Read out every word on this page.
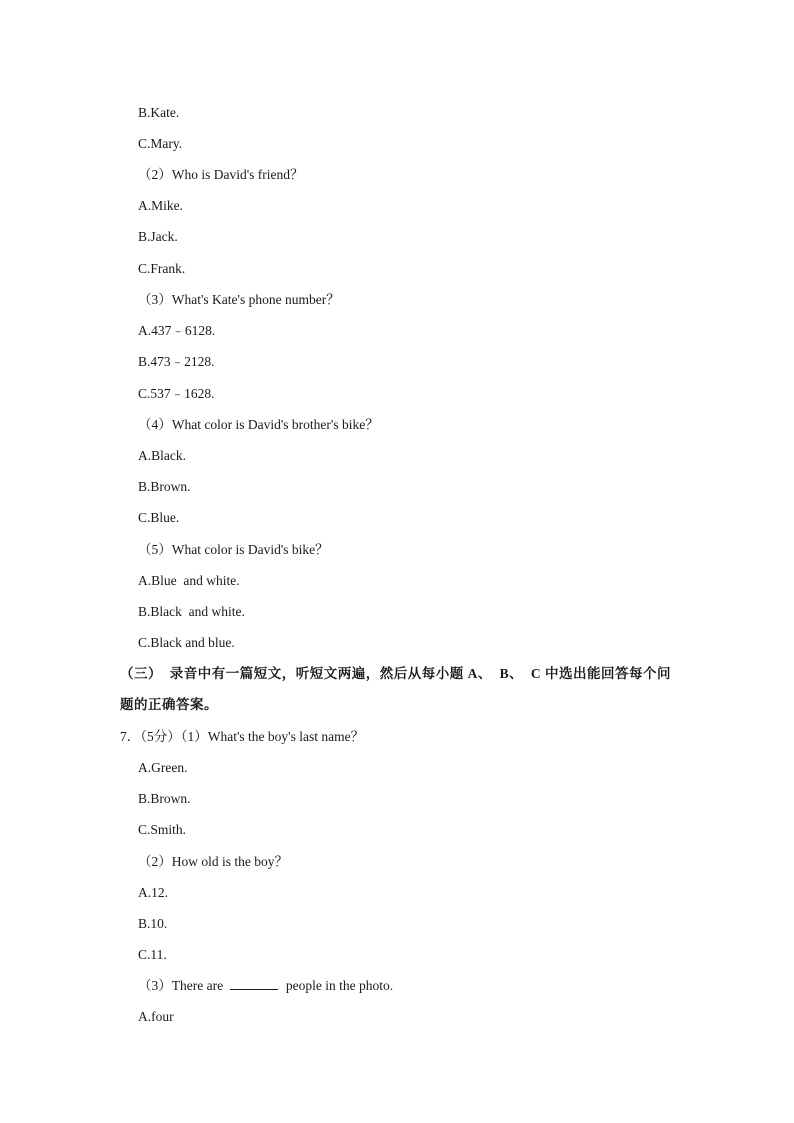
B.Kate.
C.Mary.
（2）Who is David's friend？
A.Mike.
B.Jack.
C.Frank.
（3）What's Kate's phone number？
A.437﹣6128.
B.473﹣2128.
C.537﹣1628.
（4）What color is David's brother's bike？
A.Black.
B.Brown.
C.Blue.
（5）What color is David's bike？
A.Blue  and white.
B.Black  and white.
C.Black and blue.
（三）  录音中有一篇短文，听短文两遍，然后从每小题 A、  B、  C 中选出能回答每个问
题的正确答案。
7．（5分）（1）What's the boy's last name？
A.Green.
B.Brown.
C.Smith.
（2）How old is the boy？
A.12.
B.10.
C.11.
（3）There are	people in the photo.
A.four
